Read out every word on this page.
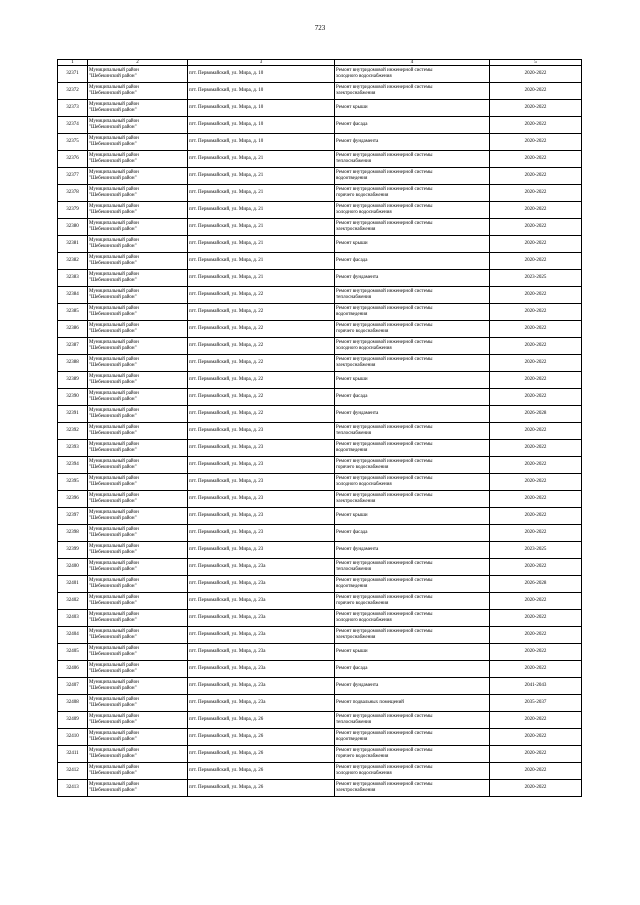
723
1	2	3	4	5
32371	Муниципальный район
"Шебекинский район"	пгт. Первомайский, ул. Мира, д. 10	Ремонт внутридомовой инженерной системы
холодного водоснабжения	2020-2022
32372	Муниципальный район
"Шебекинский район"	пгт. Первомайский, ул. Мира, д. 10	Ремонт внутридомовой инженерной системы
электроснабжения	2020-2022
32373	Муниципальный район
"Шебекинский район"	пгт. Первомайский, ул. Мира, д. 10	Ремонт крыши	2020-2022
32374	Муниципальный район
"Шебекинский район"	пгт. Первомайский, ул. Мира, д. 10	Ремонт фасада	2020-2022
32375	Муниципальный район
"Шебекинский район"	пгт. Первомайский, ул. Мира, д. 10	Ремонт фундамента	2020-2022
32376	Муниципальный район
"Шебекинский район"	пгт. Первомайский, ул. Мира, д. 21	Ремонт внутридомовой инженерной системы
теплоснабжения	2020-2022
32377	Муниципальный район
"Шебекинский район"	пгт. Первомайский, ул. Мира, д. 21	Ремонт внутридомовой инженерной системы
водоотведения	2020-2022
32378	Муниципальный район
"Шебекинский район"	пгт. Первомайский, ул. Мира, д. 21	Ремонт внутридомовой инженерной системы
горячего водоснабжения	2020-2022
32379	Муниципальный район
"Шебекинский район"	пгт. Первомайский, ул. Мира, д. 21	Ремонт внутридомовой инженерной системы
холодного водоснабжения	2020-2022
32380	Муниципальный район
"Шебекинский район"	пгт. Первомайский, ул. Мира, д. 21	Ремонт внутридомовой инженерной системы
электроснабжения	2020-2022
32381	Муниципальный район
"Шебекинский район"	пгт. Первомайский, ул. Мира, д. 21	Ремонт крыши	2020-2022
32382	Муниципальный район
"Шебекинский район"	пгт. Первомайский, ул. Мира, д. 21	Ремонт фасада	2020-2022
32383	Муниципальный район
"Шебекинский район"	пгт. Первомайский, ул. Мира, д. 21	Ремонт фундамента	2023-2025
32384	Муниципальный район
"Шебекинский район"	пгт. Первомайский, ул. Мира, д. 22	Ремонт внутридомовой инженерной системы
теплоснабжения	2020-2022
32385	Муниципальный район
"Шебекинский район"	пгт. Первомайский, ул. Мира, д. 22	Ремонт внутридомовой инженерной системы
водоотведения	2020-2022
32386	Муниципальный район
"Шебекинский район"	пгт. Первомайский, ул. Мира, д. 22	Ремонт внутридомовой инженерной системы
горячего водоснабжения	2020-2022
32387	Муниципальный район
"Шебекинский район"	пгт. Первомайский, ул. Мира, д. 22	Ремонт внутридомовой инженерной системы
холодного водоснабжения	2020-2022
32388	Муниципальный район
"Шебекинский район"	пгт. Первомайский, ул. Мира, д. 22	Ремонт внутридомовой инженерной системы
электроснабжения	2020-2022
32389	Муниципальный район
"Шебекинский район"	пгт. Первомайский, ул. Мира, д. 22	Ремонт крыши	2020-2022
32390	Муниципальный район
"Шебекинский район"	пгт. Первомайский, ул. Мира, д. 22	Ремонт фасада	2020-2022
32391	Муниципальный район
"Шебекинский район"	пгт. Первомайский, ул. Мира, д. 22	Ремонт фундамента	2026-2028
32392	Муниципальный район
"Шебекинский район"	пгт. Первомайский, ул. Мира, д. 23	Ремонт внутридомовой инженерной системы
теплоснабжения	2020-2022
32393	Муниципальный район
"Шебекинский район"	пгт. Первомайский, ул. Мира, д. 23	Ремонт внутридомовой инженерной системы
водоотведения	2020-2022
32394	Муниципальный район
"Шебекинский район"	пгт. Первомайский, ул. Мира, д. 23	Ремонт внутридомовой инженерной системы
горячего водоснабжения	2020-2022
32395	Муниципальный район
"Шебекинский район"	пгт. Первомайский, ул. Мира, д. 23	Ремонт внутридомовой инженерной системы
холодного водоснабжения	2020-2022
32396	Муниципальный район
"Шебекинский район"	пгт. Первомайский, ул. Мира, д. 23	Ремонт внутридомовой инженерной системы
электроснабжения	2020-2022
32397	Муниципальный район
"Шебекинский район"	пгт. Первомайский, ул. Мира, д. 23	Ремонт крыши	2020-2022
32398	Муниципальный район
"Шебекинский район"	пгт. Первомайский, ул. Мира, д. 23	Ремонт фасада	2020-2022
32399	Муниципальный район
"Шебекинский район"	пгт. Первомайский, ул. Мира, д. 23	Ремонт фундамента	2023-2025
32400	Муниципальный район
"Шебекинский район"	пгт. Первомайский, ул. Мира, д. 23а	Ремонт внутридомовой инженерной системы
теплоснабжения	2020-2022
32401	Муниципальный район
"Шебекинский район"	пгт. Первомайский, ул. Мира, д. 23а	Ремонт внутридомовой инженерной системы
водоотведения	2026-2028
32402	Муниципальный район
"Шебекинский район"	пгт. Первомайский, ул. Мира, д. 23а	Ремонт внутридомовой инженерной системы
горячего водоснабжения	2020-2022
32403	Муниципальный район
"Шебекинский район"	пгт. Первомайский, ул. Мира, д. 23а	Ремонт внутридомовой инженерной системы
холодного водоснабжения	2020-2022
32404	Муниципальный район
"Шебекинский район"	пгт. Первомайский, ул. Мира, д. 23а	Ремонт внутридомовой инженерной системы
электроснабжения	2020-2022
32405	Муниципальный район
"Шебекинский район"	пгт. Первомайский, ул. Мира, д. 23а	Ремонт крыши	2020-2022
32406	Муниципальный район
"Шебекинский район"	пгт. Первомайский, ул. Мира, д. 23а	Ремонт фасада	2020-2022
32407	Муниципальный район
"Шебекинский район"	пгт. Первомайский, ул. Мира, д. 23а	Ремонт фундамента	2041-2043
32408	Муниципальный район
"Шебекинский район"	пгт. Первомайский, ул. Мира, д. 23а	Ремонт подвальных помещений	2035-2037
32409	Муниципальный район
"Шебекинский район"	пгт. Первомайский, ул. Мира, д. 26	Ремонт внутридомовой инженерной системы
теплоснабжения	2020-2022
32410	Муниципальный район
"Шебекинский район"	пгт. Первомайский, ул. Мира, д. 26	Ремонт внутридомовой инженерной системы
водоотведения	2020-2022
32411	Муниципальный район
"Шебекинский район"	пгт. Первомайский, ул. Мира, д. 26	Ремонт внутридомовой инженерной системы
горячего водоснабжения	2020-2022
32412	Муниципальный район
"Шебекинский район"	пгт. Первомайский, ул. Мира, д. 26	Ремонт внутридомовой инженерной системы
холодного водоснабжения	2020-2022
32413	Муниципальный район
"Шебекинский район"	пгт. Первомайский, ул. Мира, д. 26	Ремонт внутридомовой инженерной системы
электроснабжения	2020-2022
